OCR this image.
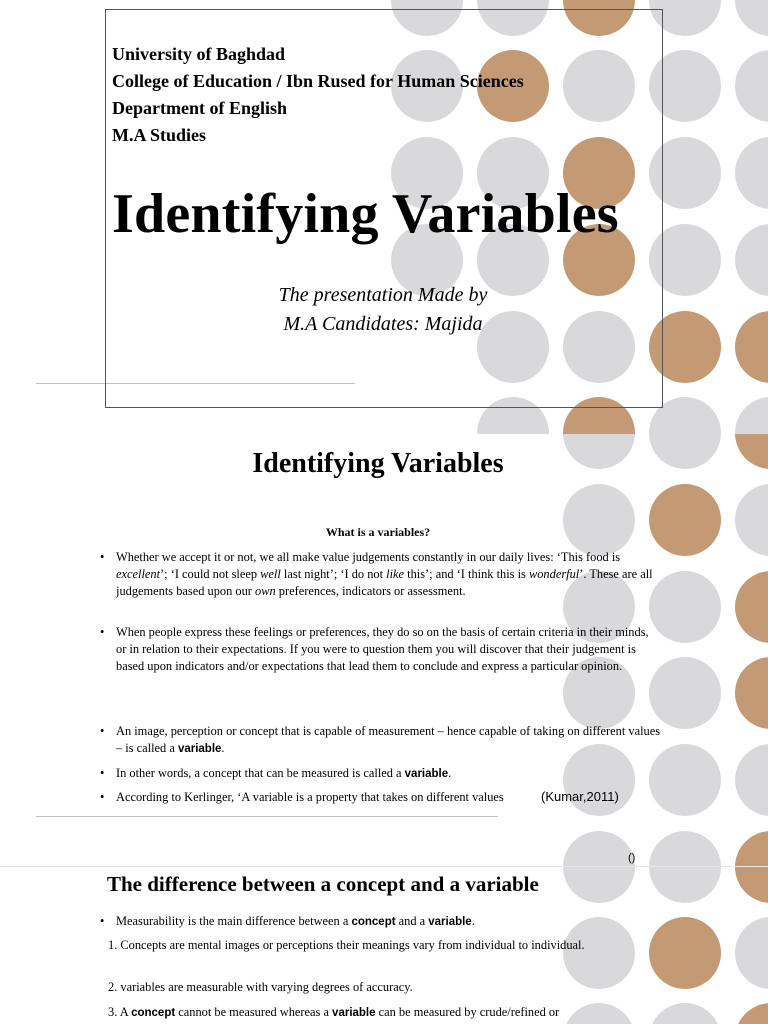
University of Baghdad
College of Education / Ibn Rused for Human Sciences
Department of English
M.A Studies
Identifying Variables
The presentation Made by
M.A Candidates: Majida
Identifying Variables
What is a variables?
• Whether we accept it or not, we all make value judgements constantly in our daily lives: ‘This food is excellent’; ‘I could not sleep well last night’; ‘I do not like this’; and ‘I think this is wonderful’. These are all judgements based upon our own preferences, indicators or assessment.
• When people express these feelings or preferences, they do so on the basis of certain criteria in their minds, or in relation to their expectations. If you were to question them you will discover that their judgement is based upon indicators and/or expectations that lead them to conclude and express a particular opinion.
• An image, perception or concept that is capable of measurement – hence capable of taking on different values – is called a variable.
• In other words, a concept that can be measured is called a variable.
• According to Kerlinger, ‘A variable is a property that takes on different values	(Kumar,2011)
()
The difference between a concept and a variable
• Measurability is the main difference between a concept and a variable.
1. Concepts are mental images or perceptions their meanings vary from individual to individual.
2. variables are measurable with varying degrees of accuracy.
3. A concept cannot be measured whereas a variable can be measured by crude/refined or
